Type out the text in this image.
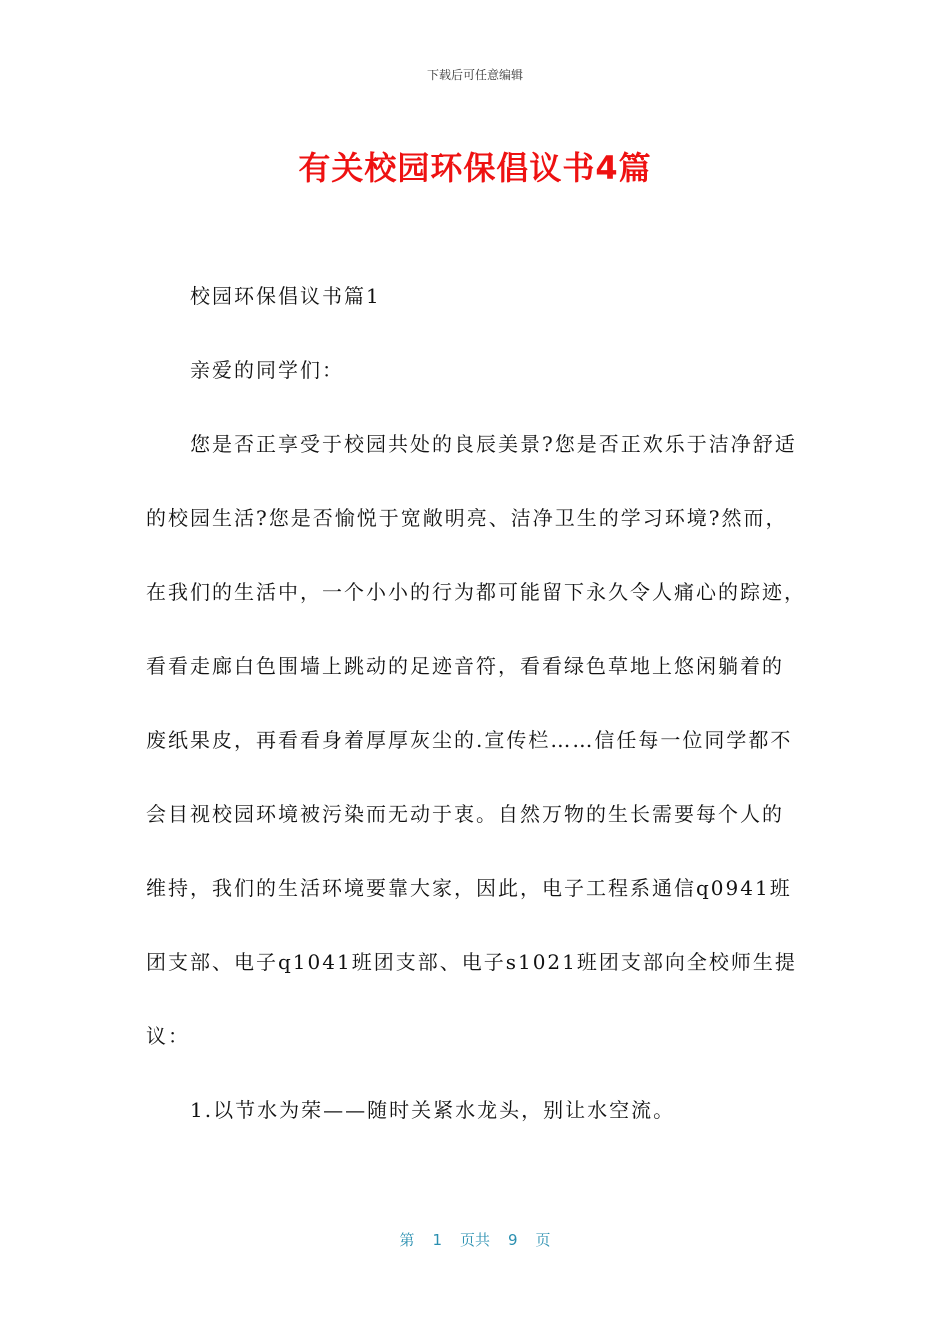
下载后可任意编辑
有关校园环保倡议书4篇
校园环保倡议书篇1
亲爱的同学们：
您是否正享受于校园共处的良辰美景?您是否正欢乐于洁净舒适
的校园生活?您是否愉悦于宽敞明亮、洁净卫生的学习环境?然而，
在我们的生活中，一个小小的行为都可能留下永久令人痛心的踪迹，
看看走廊白色围墙上跳动的足迹音符，看看绿色草地上悠闲躺着的
废纸果皮，再看看身着厚厚灰尘的.宣传栏……信任每一位同学都不
会目视校园环境被污染而无动于衷。自然万物的生长需要每个人的
维持，我们的生活环境要靠大家，因此，电子工程系通信q0941班
团支部、电子q1041班团支部、电子s1021班团支部向全校师生提
议：
1.以节水为荣——随时关紧水龙头，别让水空流。
第 1 页共 9 页
